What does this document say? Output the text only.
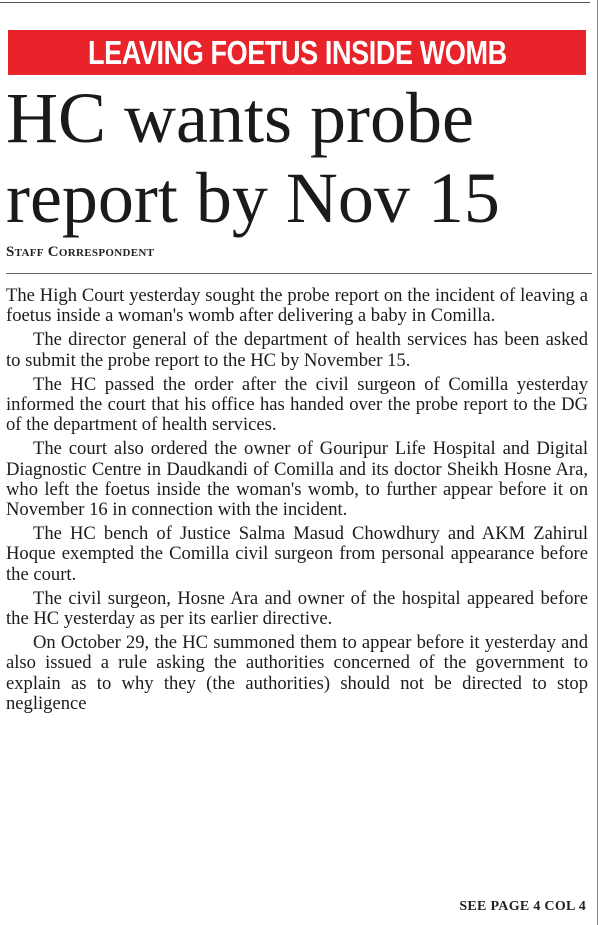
LEAVING FOETUS INSIDE WOMB
HC wants probe
report by Nov 15
Staff Correspondent

The High Court yesterday sought the probe report on the incident of leaving a foetus inside a woman's womb after delivering a baby in Comilla.

The director general of the department of health services has been asked to submit the probe report to the HC by November 15.

The HC passed the order after the civil surgeon of Comilla yesterday informed the court that his office has handed over the probe report to the DG of the department of health services.

The court also ordered the owner of Gouripur Life Hospital and Digital Diagnostic Centre in Daudkandi of Comilla and its doctor Sheikh Hosne Ara, who left the foetus inside the woman's womb, to further appear before it on November 16 in connection with the incident.

The HC bench of Justice Salma Masud Chowdhury and AKM Zahirul Hoque exempted the Comilla civil surgeon from personal appearance before the court.

The civil surgeon, Hosne Ara and owner of the hospital appeared before the HC yesterday as per its earlier directive.

On October 29, the HC summoned them to appear before it yesterday and also issued a rule asking the authorities concerned of the government to explain as to why they (the authorities) should not be directed to stop negligence

SEE PAGE 4 COL 4
